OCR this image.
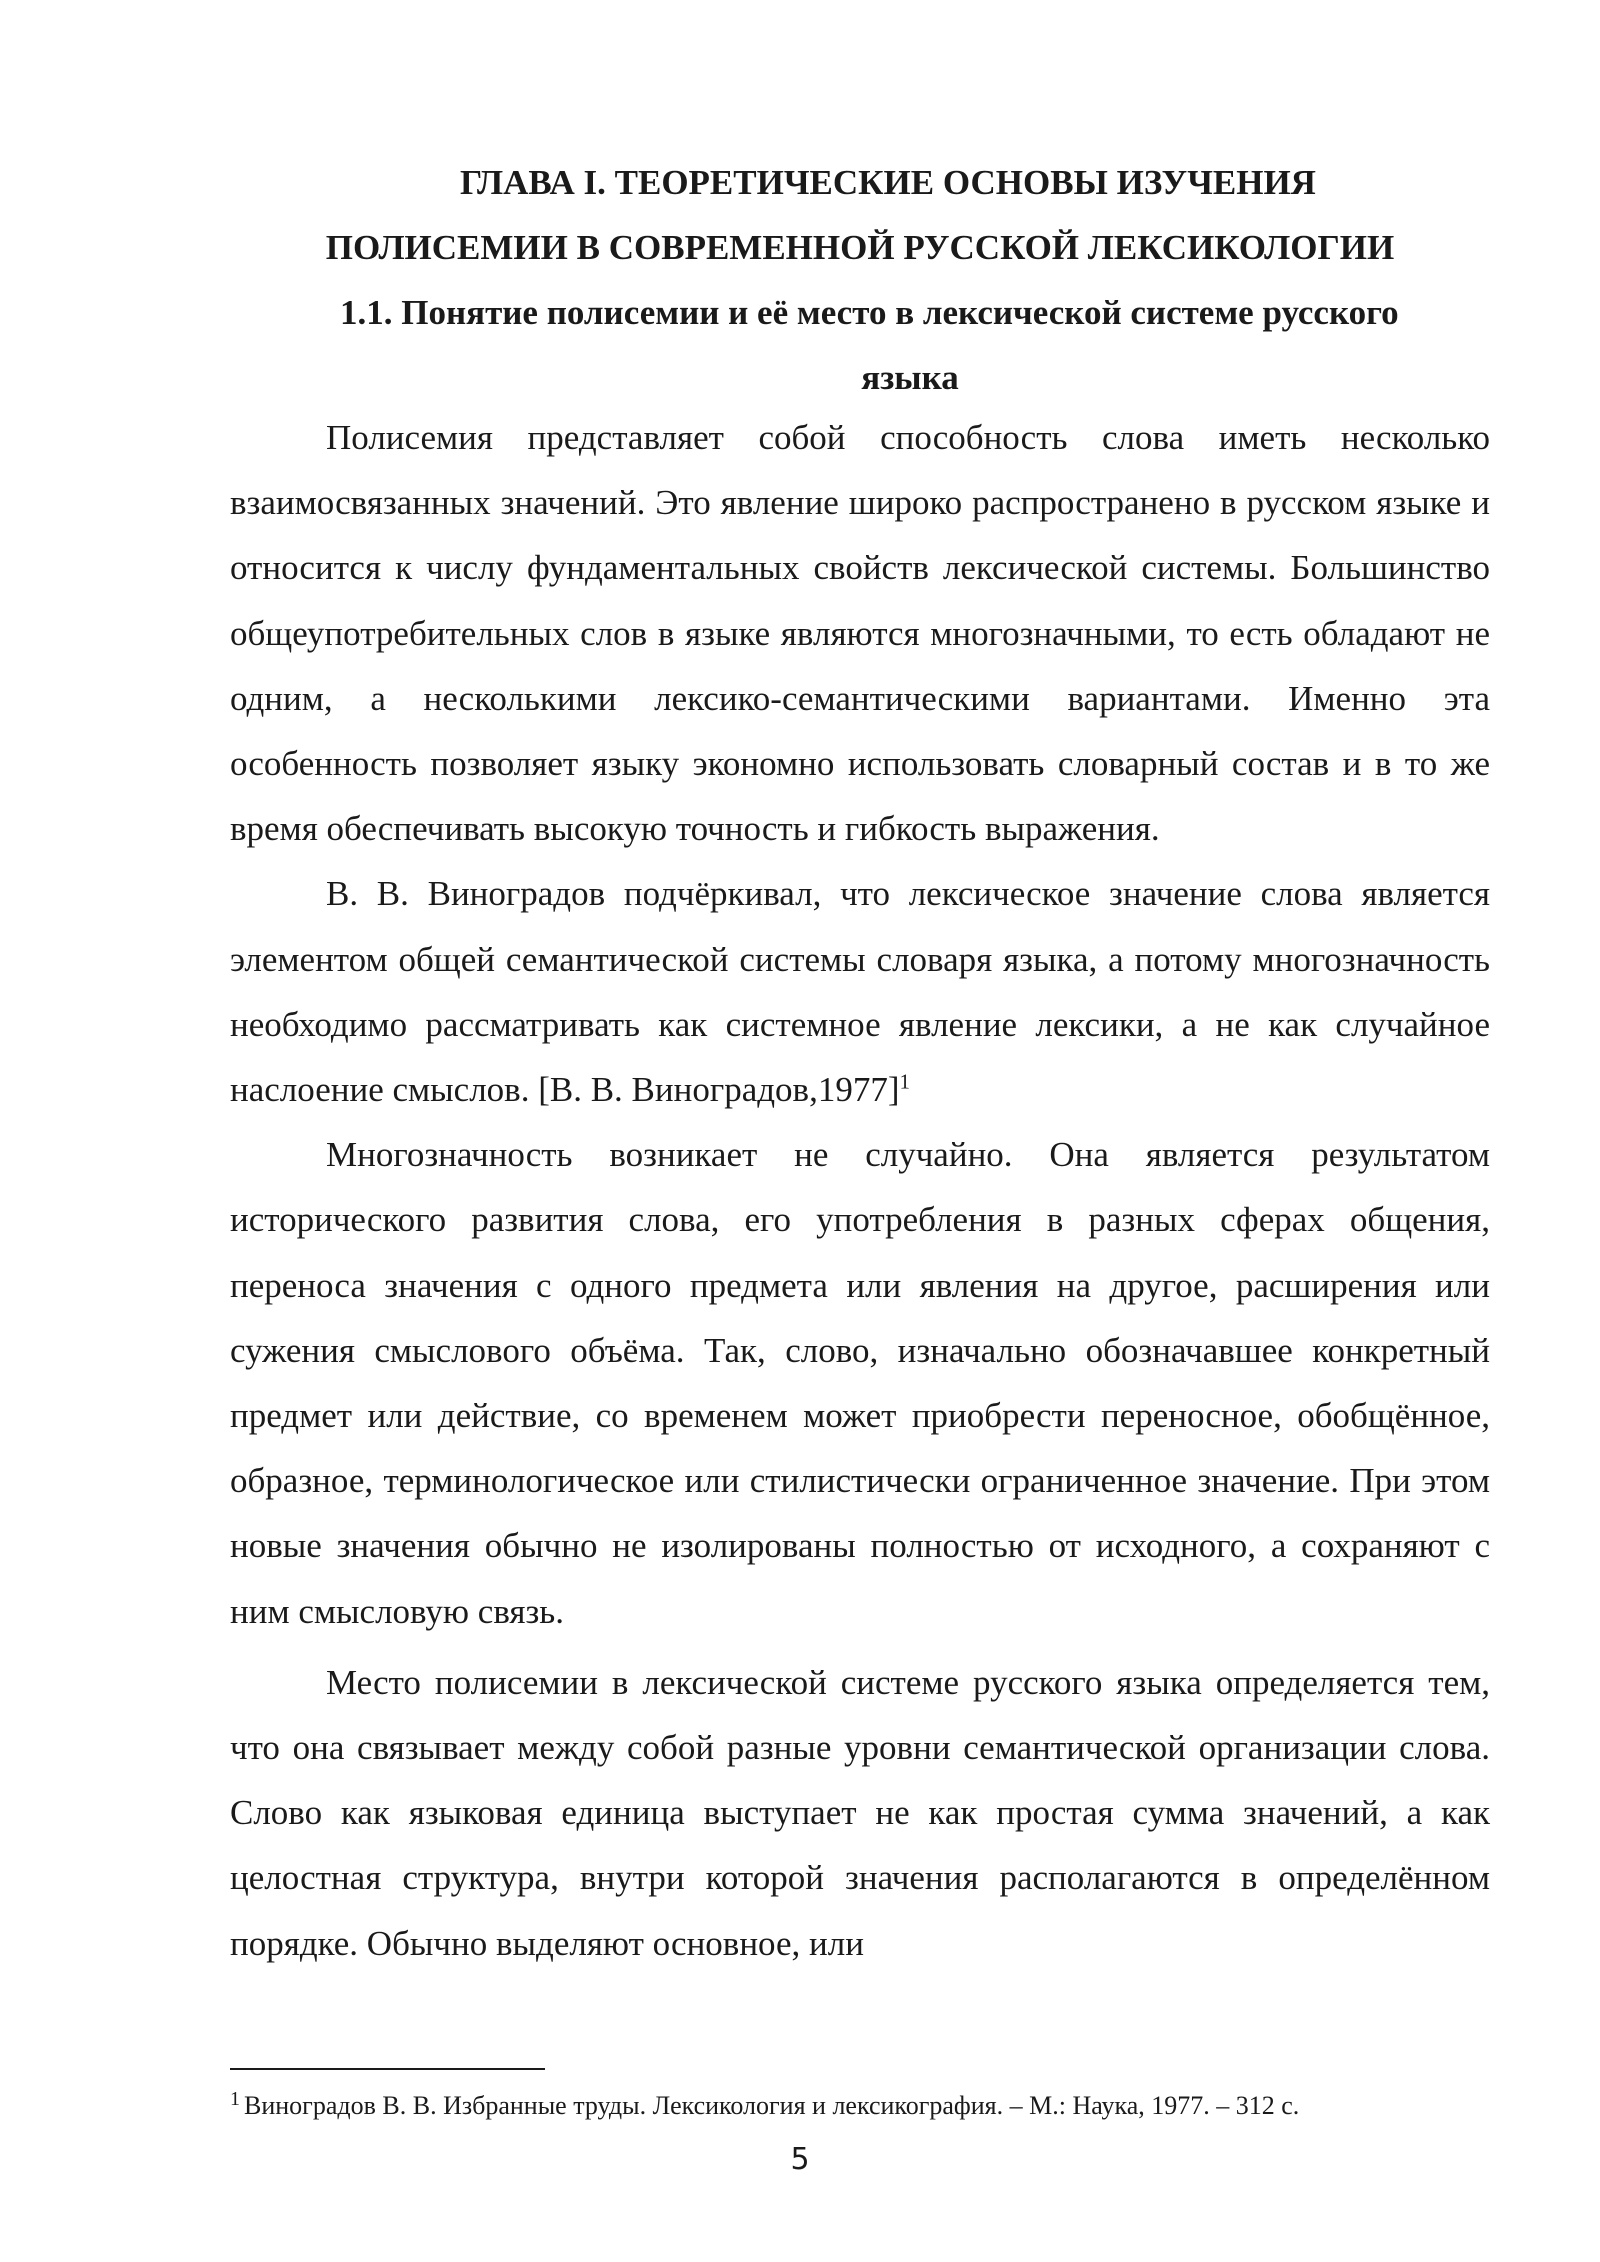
ГЛАВА I. ТЕОРЕТИЧЕСКИЕ ОСНОВЫ ИЗУЧЕНИЯ
ПОЛИСЕМИИ В СОВРЕМЕННОЙ РУССКОЙ ЛЕКСИКОЛОГИИ
1.1. Понятие полисемии и её место в лексической системе русского
языка

Полисемия представляет собой способность слова иметь несколько взаимосвязанных значений. Это явление широко распространено в русском языке и относится к числу фундаментальных свойств лексической системы. Большинство общеупотребительных слов в языке являются многозначными, то есть обладают не одним, а несколькими лексико-семантическими вариантами. Именно эта особенность позволяет языку экономно использовать словарный состав и в то же время обеспечивать высокую точность и гибкость выражения.

В. В. Виноградов подчёркивал, что лексическое значение слова является элементом общей семантической системы словаря языка, а потому многозначность необходимо рассматривать как системное явление лексики, а не как случайное наслоение смыслов. [В. В. Виноградов,1977]$^1$

Многозначность возникает не случайно. Она является результатом исторического развития слова, его употребления в разных сферах общения, переноса значения с одного предмета или явления на другое, расширения или сужения смыслового объёма. Так, слово, изначально обозначавшее конкретный предмет или действие, со временем может приобрести переносное, обобщённое, образное, терминологическое или стилистически ограниченное значение. При этом новые значения обычно не изолированы полностью от исходного, а сохраняют с ним смысловую связь.

Место полисемии в лексической системе русского языка определяется тем, что она связывает между собой разные уровни семантической организации слова. Слово как языковая единица выступает не как простая сумма значений, а как целостная структура, внутри которой значения располагаются в определённом порядке. Обычно выделяют основное, или

$^1$ Виноградов В. В. Избранные труды. Лексикология и лексикография. – М.: Наука, 1977. – 312 с.

5
